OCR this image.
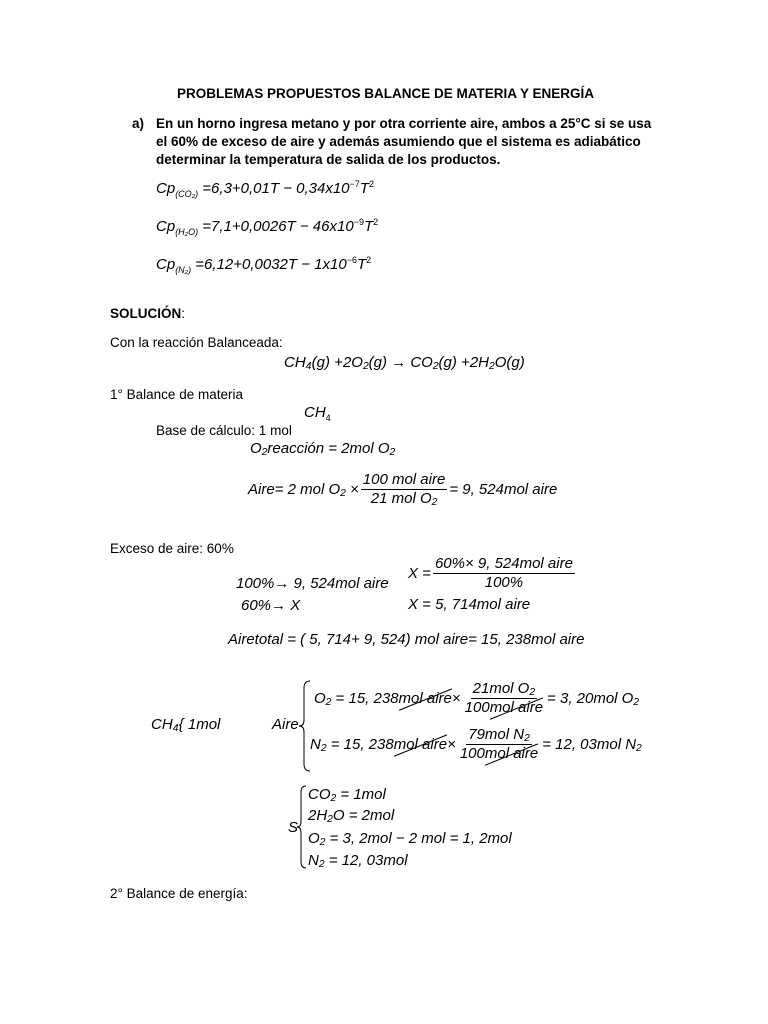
PROBLEMAS PROPUESTOS BALANCE DE MATERIA Y ENERGÍA
a) En un horno ingresa metano y por otra corriente aire, ambos a 25°C si se usa
el 60% de exceso de aire y además asumiendo que el sistema es adiabático
determinar la temperatura de salida de los productos.
$Cp_{(CO_2)} =6,3+0,01T - 0,34x10^{-7}T^2$
$Cp_{(H_2O)} =7,1+0,0026T - 46x10^{-9}T^2$
$Cp_{(N_2)} =6,12+0,0032T - 1x10^{-6}T^2$
SOLUCIÓN:
Con la reacción Balanceada:
CH₄(g) +2O₂(g) → CO₂(g) +2H₂O(g)
1° Balance de materia
$CH_4$
Base de cálculo: 1 mol
O₂reacción = 2mol O₂
Aire= 2 mol $O_2 \times \frac{\text{100 mol aire}}{\text{21 mol O₂}} = 9$, 524mol aire
Exceso de aire: 60%
100%→ 9, 524mol aire
60%→ X
$X = \frac{\text{60\%× 9, 524mol aire}}{100\%}$
X = 5, 714mol aire
Airetotal = ( 5, 714+ 9, 524) mol aire= 15, 238mol aire
CH₄{ 1mol	Aire
O₂ = 15, 238 mol aire × $\frac{\text{21mol O₂}}{\text{100mol aire}} = 3$, 20mol O₂
N₂ = 15, 238 mol aire × $\frac{\text{79mol N₂}}{\text{100mol aire}} = 12$, 03mol N₂
S
CO₂ = 1mol
2H₂O = 2mol
O₂ = 3, 2mol − 2 mol = 1, 2mol
N₂ = 12, 03mol
2° Balance de energía:
